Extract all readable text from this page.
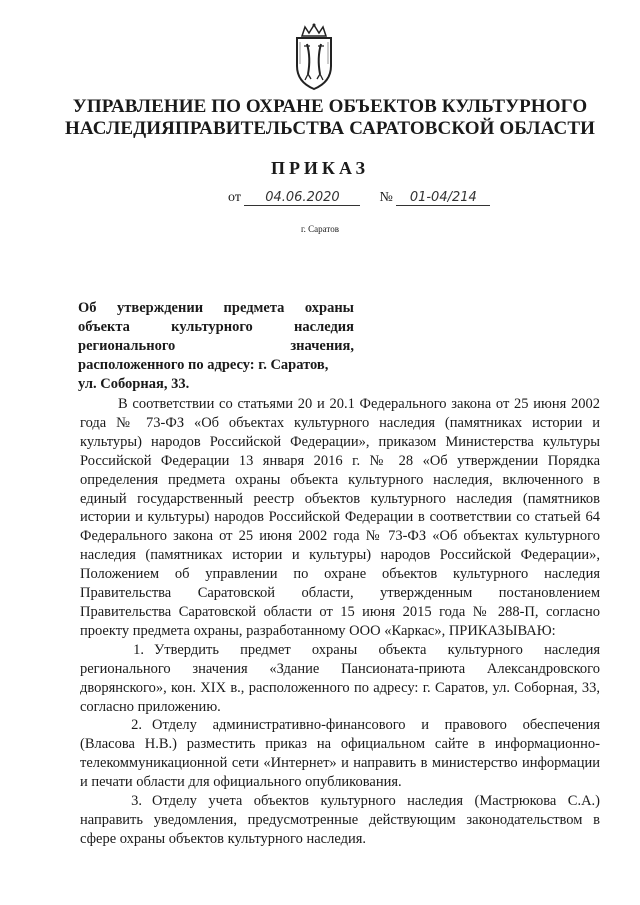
УПРАВЛЕНИЕ ПО ОХРАНЕ ОБЪЕКТОВ КУЛЬТУРНОГО
НАСЛЕДИЯПРАВИТЕЛЬСТВА САРАТОВСКОЙ ОБЛАСТИ
ПРИКАЗ
от 04.06.2020	№ 01-04/214
г. Саратов
Об утверждении предмета охраны
объекта культурного наследия
регионального значения,
расположенного по адресу: г. Саратов,
ул. Соборная, 33.

В соответствии со статьями 20 и 20.1 Федерального закона от 25 июня 2002 года № 73-ФЗ «Об объектах культурного наследия (памятниках истории и культуры) народов Российской Федерации», приказом Министерства культуры Российской Федерации 13 января 2016 г. № 28 «Об утверждении Порядка определения предмета охраны объекта культурного наследия, включенного в единый государственный реестр объектов культурного наследия (памятников истории и культуры) народов Российской Федерации в соответствии со статьей 64 Федерального закона от 25 июня 2002 года № 73-ФЗ «Об объектах культурного наследия (памятниках истории и культуры) народов Российской Федерации», Положением об управлении по охране объектов культурного наследия Правительства Саратовской области, утвержденным постановлением Правительства Саратовской области от 15 июня 2015 года № 288-П, согласно проекту предмета охраны, разработанному ООО «Каркас», ПРИКАЗЫВАЮ:

1. Утвердить предмет охраны объекта культурного наследия регионального значения «Здание Пансионата-приюта Александровского дворянского», кон. XIX в., расположенного по адресу: г. Саратов, ул. Соборная, 33, согласно приложению.

2. Отделу административно-финансового и правового обеспечения (Власова Н.В.) разместить приказ на официальном сайте в информационно-телекоммуникационной сети «Интернет» и направить в министерство информации и печати области для официального опубликования.

3. Отделу учета объектов культурного наследия (Мастрюкова С.А.) направить уведомления, предусмотренные действующим законодательством в сфере охраны объектов культурного наследия.
